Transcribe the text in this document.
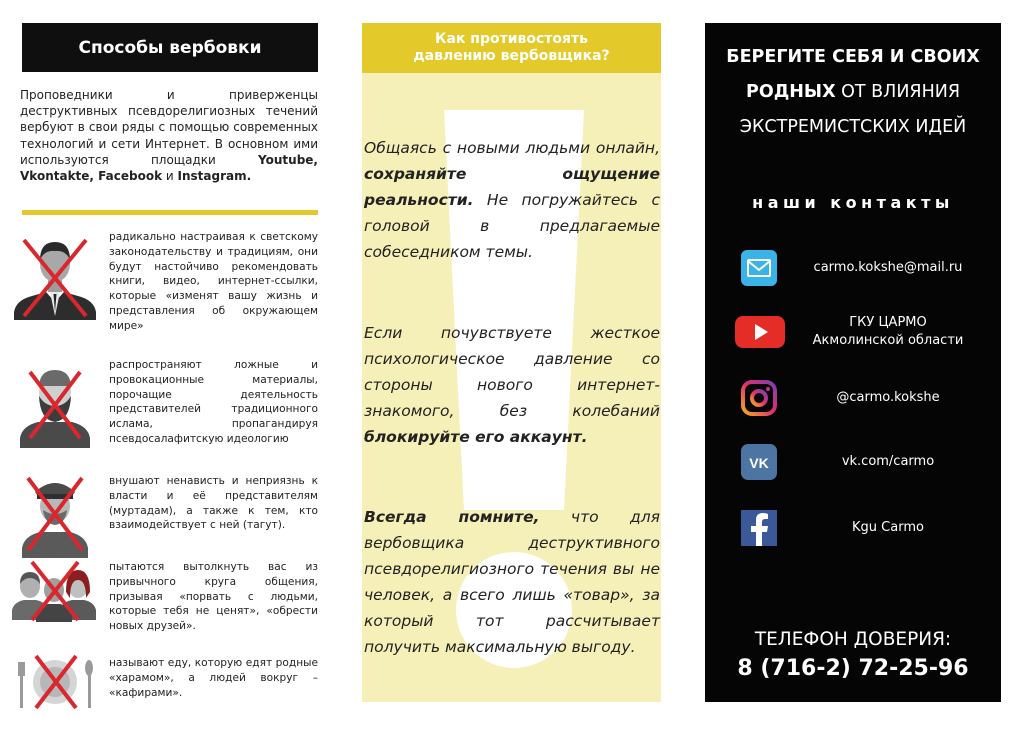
Способы вербовки
Проповедники и приверженцы деструктивных псевдорелигиозных течений вербуют в свои ряды с помощью современных технологий и сети Интернет. В основном ими используются площадки Youtube, Vkontakte, Facebook и Instagram.
радикально настраивая к светскому законодательству и традициям, они будут настойчиво рекомендовать книги, видео, интернет-ссылки, которые «изменят вашу жизнь и представления об окружающем мире»
распространяют ложные и провокационные материалы, порочащие деятельность представителей традиционного ислама, пропагандируя псевдосалафитскую идеологию
внушают ненависть и неприязнь к власти и её представителям (муртадам), а также к тем, кто взаимодействует с ней (тагут).
пытаются вытолкнуть вас из привычного круга общения, призывая «порвать с людьми, которые тебя не ценят», «обрести новых друзей».
называют еду, которую едят родные «харамом», а людей вокруг – «кафирами».
Как противостоять
давлению вербовщика?
Общаясь с новыми людьми онлайн, сохраняйте ощущение реальности. Не погружайтесь с головой в предлагаемые собеседником темы.
Если почувствуете жесткое психологическое давление со стороны нового интернет-знакомого, без колебаний блокируйте его аккаунт.
Всегда помните, что для вербовщика деструктивного псевдорелигиозного течения вы не человек, а всего лишь «товар», за который тот рассчитывает получить максимальную выгоду.
БЕРЕГИТЕ СЕБЯ И СВОИХ
РОДНЫХ ОТ ВЛИЯНИЯ
ЭКСТРЕМИСТСКИХ ИДЕЙ
наши контакты
carmo.kokshe@mail.ru
ГКУ ЦАРМО
Акмолинской области
@carmo.kokshe
VK	vk.com/carmo
Kgu Carmo
ТЕЛЕФОН ДОВЕРИЯ:
8 (716-2) 72-25-96
